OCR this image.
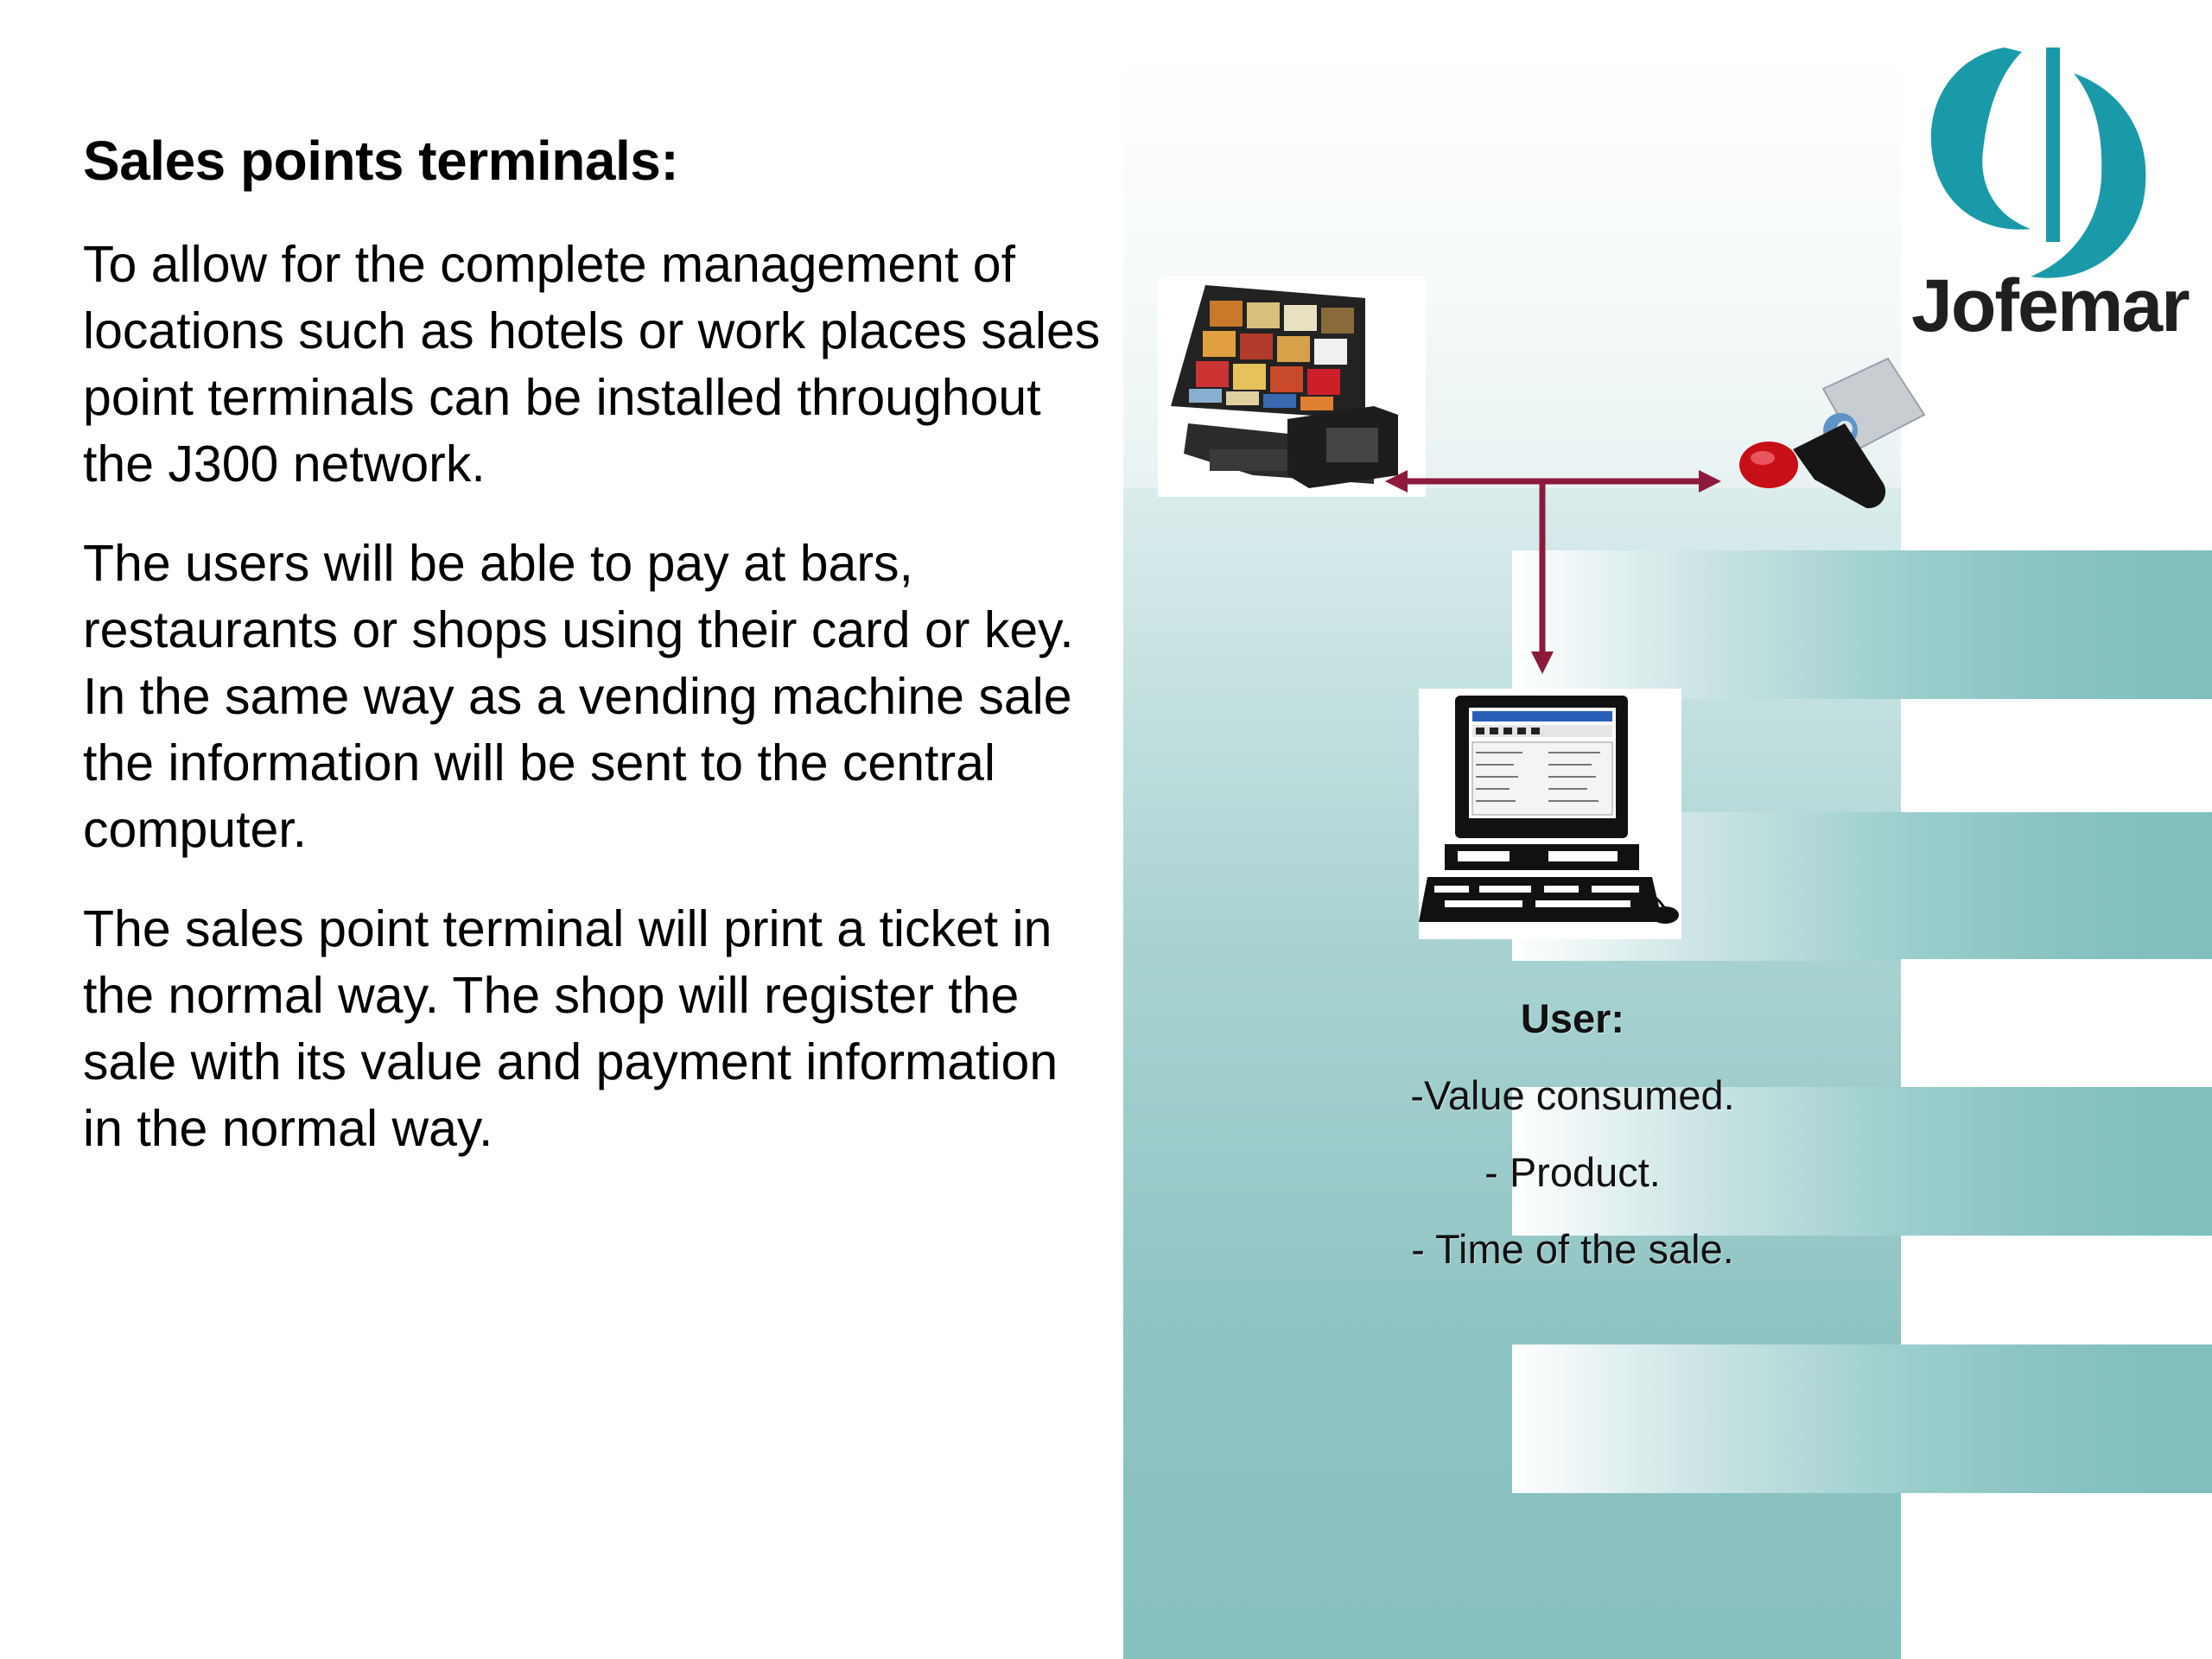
Sales points terminals:

To allow for the complete management of locations such as hotels or work places sales point terminals can be installed throughout the J300 network.

The users will be able to pay at bars, restaurants or shops using their card or key. In the same way as a vending machine sale the information will be sent to the central computer.

The sales point terminal will print a ticket in the normal way. The shop will register the sale with its value and payment information in the normal way.

Jofemar
User:
-Value consumed.
- Product.
- Time of the sale.
